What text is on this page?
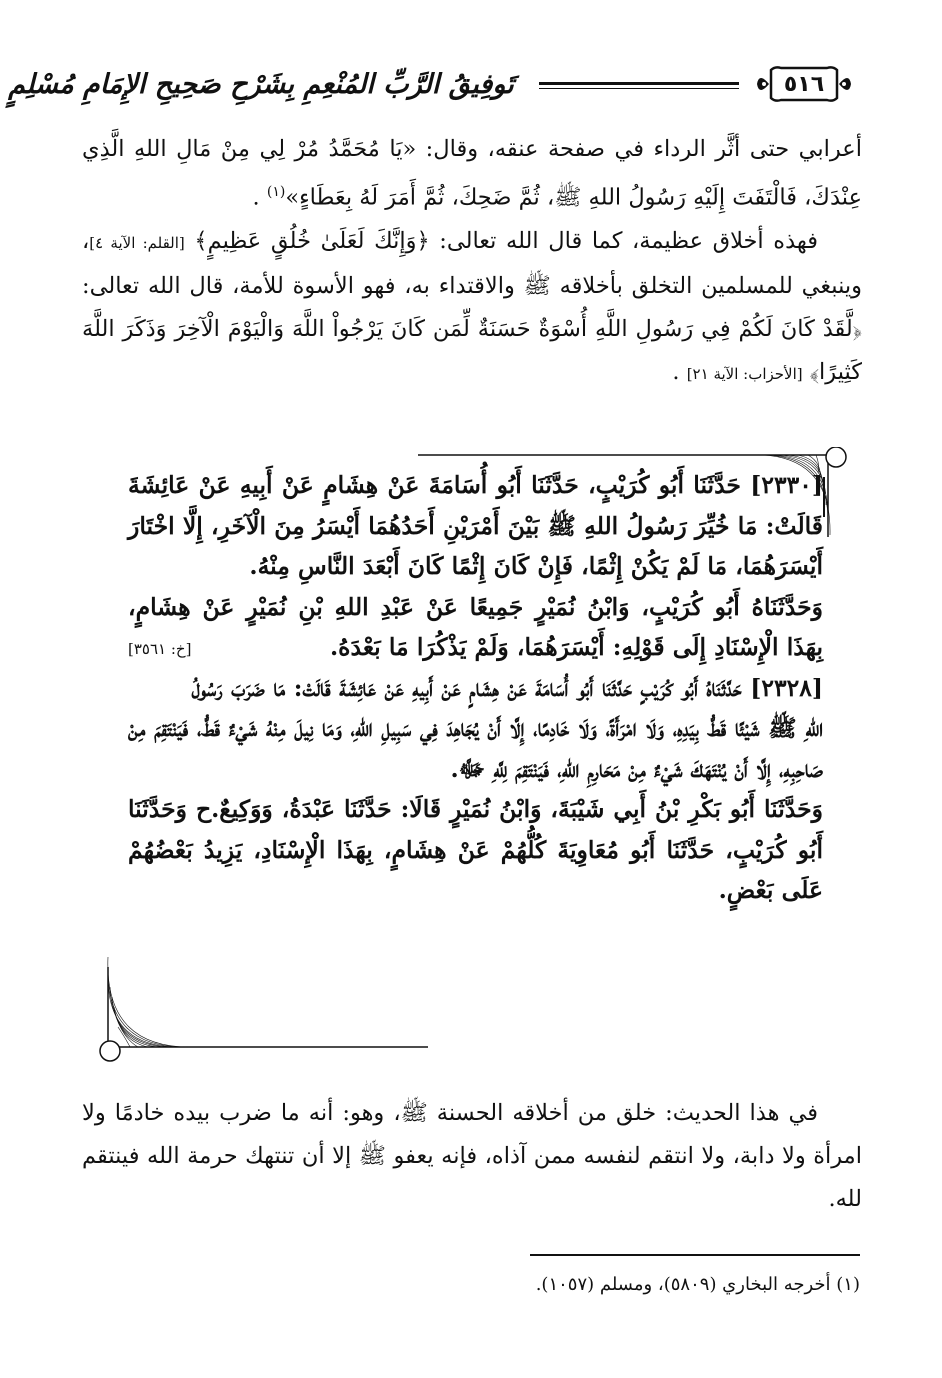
٥١٦
تَوفِيقُ الرَّبِّ المُنْعِمِ بِشَرْحِ صَحِيحِ الإِمَامِ مُسْلِمٍ

أعرابي حتى أثَّر الرداء في صفحة عنقه، وقال: «يَا مُحَمَّدُ مُرْ لِي مِنْ مَالِ اللهِ الَّذِي عِنْدَكَ، فَالْتَفَتَ إِلَيْهِ رَسُولُ اللهِ ﷺ، ثُمَّ ضَحِكَ، ثُمَّ أَمَرَ لَهُ بِعَطَاءٍ»$^{(١)}$ .

فهذه أخلاق عظيمة، كما قال الله تعالى: ﴿وَإِنَّكَ لَعَلَىٰ خُلُقٍ عَظِيمٍ﴾ [القلم: الآية ٤]، وينبغي للمسلمين التخلق بأخلاقه ﷺ والاقتداء به، فهو الأسوة للأمة، قال الله تعالى: ﴿لَّقَدْ كَانَ لَكُمْ فِي رَسُولِ اللَّهِ أُسْوَةٌ حَسَنَةٌ لِّمَن كَانَ يَرْجُواْ اللَّهَ وَالْيَوْمَ الْآخِرَ وَذَكَرَ اللَّهَ كَثِيرًا﴾ [الأحزاب: الآية ٢١] .

[٢٣٣٠] حَدَّثَنَا أَبُو كُرَيْبٍ، حَدَّثَنَا أَبُو أُسَامَةَ عَنْ هِشَامٍ عَنْ أَبِيهِ عَنْ عَائِشَةَ قَالَتْ: مَا خُيِّرَ رَسُولُ اللهِ ﷺ بَيْنَ أَمْرَيْنِ أَحَدُهُمَا أَيْسَرُ مِنَ الْآخَرِ، إِلَّا اخْتَارَ أَيْسَرَهُمَا، مَا لَمْ يَكُنْ إِثْمًا، فَإِنْ كَانَ إِثْمًا كَانَ أَبْعَدَ النَّاسِ مِنْهُ.

وَحَدَّثَنَاهُ أَبُو كُرَيْبٍ، وَابْنُ نُمَيْرٍ جَمِيعًا عَنْ عَبْدِ اللهِ بْنِ نُمَيْرٍ عَنْ هِشَامٍ، بِهَذَا الْإِسْنَادِ إِلَى قَوْلِهِ: أَيْسَرَهُمَا، وَلَمْ يَذْكُرَا مَا بَعْدَهُ.
[خ: ٣٥٦١]

[٢٣٢٨] حَدَّثَنَاهُ أَبُو كُرَيْبٍ حَدَّثَنَا أَبُو أُسَامَةَ عَنْ هِشَامٍ عَنْ أَبِيهِ عَنْ عَائِشَةَ قَالَتْ: مَا ضَرَبَ رَسُولُ اللهِ ﷺ شَيْئًا قَطُّ بِيَدِهِ، وَلَا امْرَأَةً، وَلَا خَادِمًا، إِلَّا أَنْ يُجَاهِدَ فِي سَبِيلِ اللهِ، وَمَا نِيلَ مِنْهُ شَيْءٌ قَطُّ، فَيَنْتَقِمَ مِنْ صَاحِبِهِ، إِلَّا أَنْ يُنْتَهَكَ شَيْءٌ مِنْ مَحَارِمِ اللهِ، فَيَنْتَقِمَ لِلَّهِ ﷻ.

وَحَدَّثَنَا أَبُو بَكْرِ بْنُ أَبِي شَيْبَةَ، وَابْنُ نُمَيْرٍ قَالَا: حَدَّثَنَا عَبْدَةُ، وَوَكِيعٌ.ح وَحَدَّثَنَا أَبُو كُرَيْبٍ، حَدَّثَنَا أَبُو مُعَاوِيَةَ كُلُّهُمْ عَنْ هِشَامٍ، بِهَذَا الْإِسْنَادِ، يَزِيدُ بَعْضُهُمْ عَلَى بَعْضٍ.

في هذا الحديث: خلق من أخلاقه الحسنة ﷺ، وهو: أنه ما ضرب بيده خادمًا ولا امرأة ولا دابة، ولا انتقم لنفسه ممن آذاه، فإنه يعفو ﷺ إلا أن تنتهك حرمة الله فينتقم لله.

(١) أخرجه البخاري (٥٨٠٩)، ومسلم (١٠٥٧).
